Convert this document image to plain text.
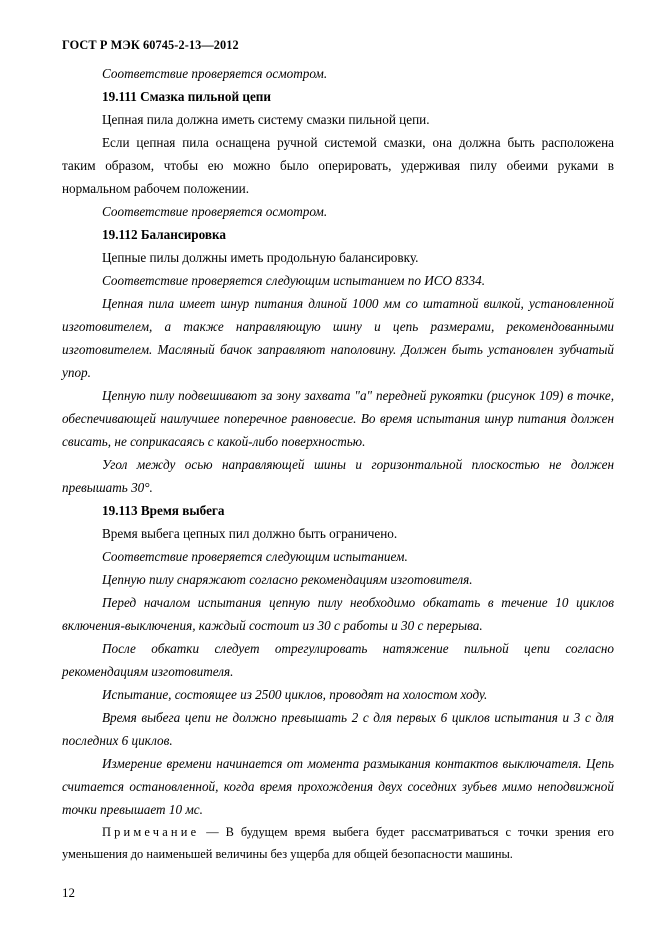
ГОСТ Р МЭК 60745-2-13—2012

Соответствие проверяется осмотром.

19.111 Смазка пильной цепи

Цепная пила должна иметь систему смазки пильной цепи.

Если цепная пила оснащена ручной системой смазки, она должна быть расположена таким образом, чтобы ею можно было оперировать, удерживая пилу обеими руками в нормальном рабочем положении.

Соответствие проверяется осмотром.

19.112 Балансировка

Цепные пилы должны иметь продольную балансировку.

Соответствие проверяется следующим испытанием по ИСО 8334.

Цепная пила имеет шнур питания длиной 1000 мм со штатной вилкой, установленной изготовителем, а также направляющую шину и цепь размерами, рекомендованными изготовителем. Масляный бачок заправляют наполовину. Должен быть установлен зубчатый упор.

Цепную пилу подвешивают за зону захвата "а" передней рукоятки (рисунок 109) в точке, обеспечивающей наилучшее поперечное равновесие. Во время испытания шнур питания должен свисать, не соприкасаясь с какой-либо поверхностью.

Угол между осью направляющей шины и горизонтальной плоскостью не должен превышать 30°.

19.113 Время выбега

Время выбега цепных пил должно быть ограничено.

Соответствие проверяется следующим испытанием.

Цепную пилу снаряжают согласно рекомендациям изготовителя.

Перед началом испытания цепную пилу необходимо обкатать в течение 10 циклов включения-выключения, каждый состоит из 30 с работы и 30 с перерыва.

После обкатки следует отрегулировать натяжение пильной цепи согласно рекомендациям изготовителя.

Испытание, состоящее из 2500 циклов, проводят на холостом ходу.

Время выбега цепи не должно превышать 2 с для первых 6 циклов испытания и 3 с для последних 6 циклов.

Измерение времени начинается от момента размыкания контактов выключателя. Цепь считается остановленной, когда время прохождения двух соседних зубьев мимо неподвижной точки превышает 10 мс.

Примечание — В будущем время выбега будет рассматриваться с точки зрения его уменьшения до наименьшей величины без ущерба для общей безопасности машины.

12
